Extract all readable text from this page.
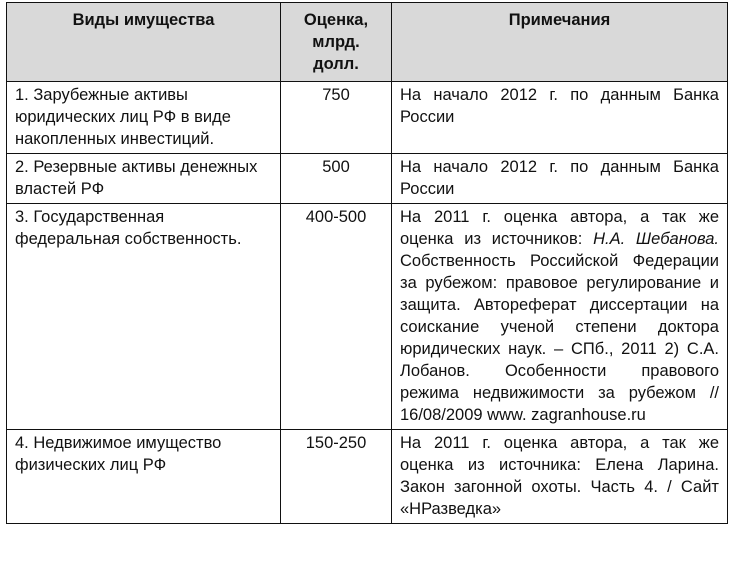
Виды имущества	Оценка, млрд. долл.	Примечания
1. Зарубежные активы юридических лиц РФ в виде накопленных инвестиций.	750	На начало 2012 г. по данным Банка России
2. Резервные активы денежных властей РФ	500	На начало 2012 г. по данным Банка России
3. Государственная федеральная собственность.	400-500	На 2011 г. оценка автора, а так же оценка из источников: Н.А. Шебанова. Собственность Российской Федерации за рубежом: правовое регулирование и защита. Автореферат диссертации на соискание ученой степени доктора юридических наук. – СПб., 2011 2) С.А. Лобанов. Особенности правового режима недвижимости за рубежом // 16/08/2009 www. zagranhouse.ru
4. Недвижимое имущество физических лиц РФ	150-250	На 2011 г. оценка автора, а так же оценка из источника: Елена Ларина. Закон загонной охоты. Часть 4. / Сайт «НРазведка»
